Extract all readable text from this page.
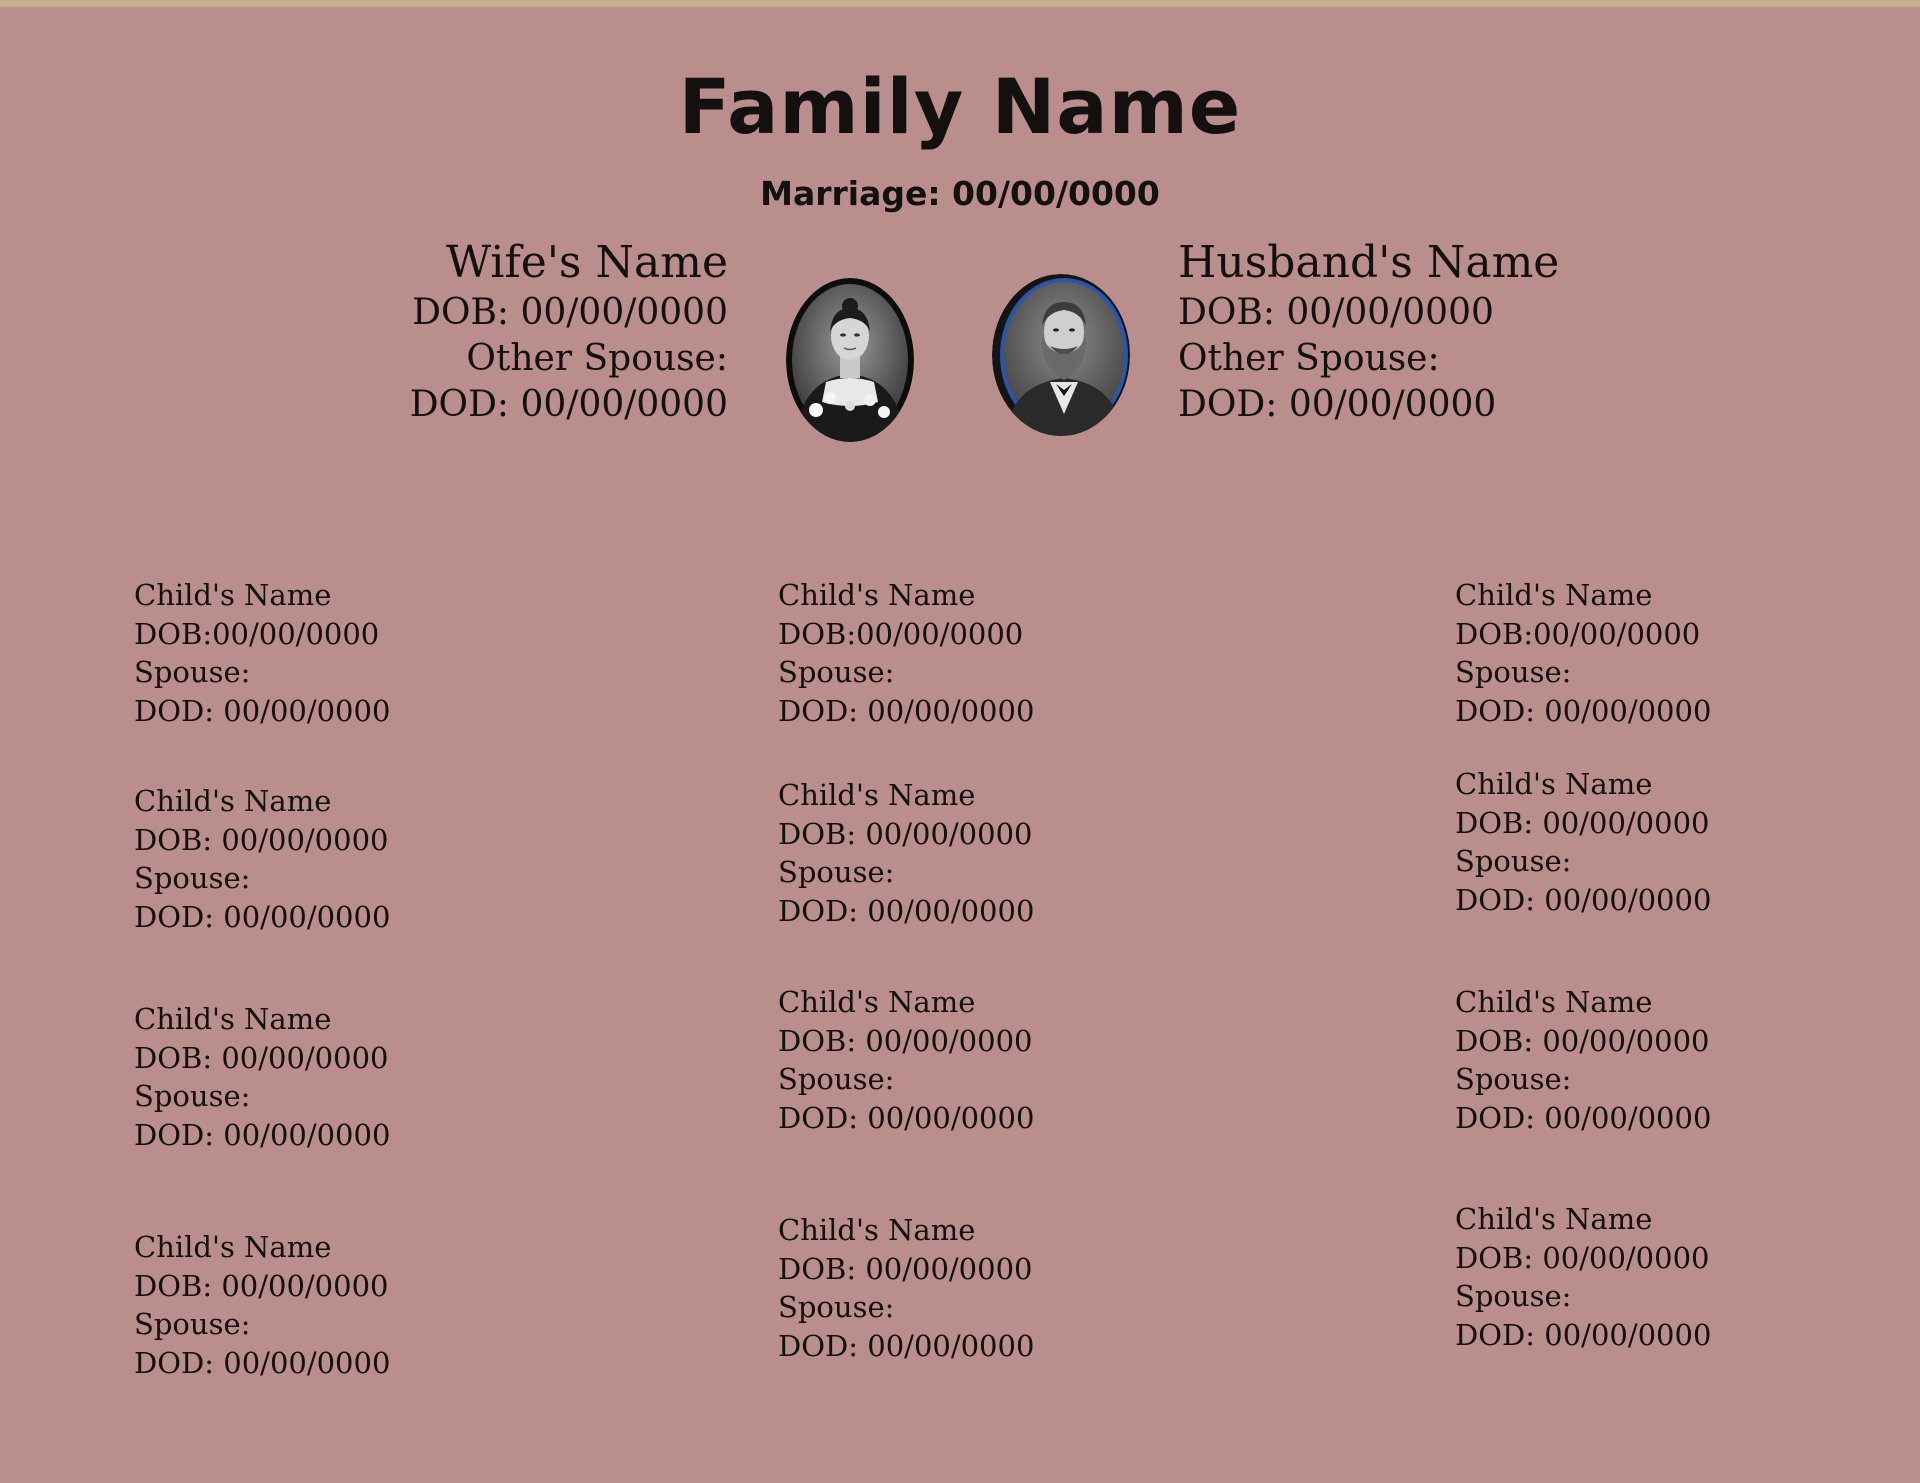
Family Name
Marriage: 00/00/0000
Wife's Name
DOB: 00/00/0000
Other Spouse:
DOD: 00/00/0000
Husband's Name
DOB: 00/00/0000
Other Spouse:
DOD: 00/00/0000
Child's Name
DOB:00/00/0000
Spouse:
DOD: 00/00/0000
Child's Name
DOB: 00/00/0000
Spouse:
DOD: 00/00/0000
Child's Name
DOB: 00/00/0000
Spouse:
DOD: 00/00/0000
Child's Name
DOB: 00/00/0000
Spouse:
DOD: 00/00/0000
Child's Name
DOB:00/00/0000
Spouse:
DOD: 00/00/0000
Child's Name
DOB: 00/00/0000
Spouse:
DOD: 00/00/0000
Child's Name
DOB: 00/00/0000
Spouse:
DOD: 00/00/0000
Child's Name
DOB: 00/00/0000
Spouse:
DOD: 00/00/0000
Child's Name
DOB:00/00/0000
Spouse:
DOD: 00/00/0000
Child's Name
DOB: 00/00/0000
Spouse:
DOD: 00/00/0000
Child's Name
DOB: 00/00/0000
Spouse:
DOD: 00/00/0000
Child's Name
DOB: 00/00/0000
Spouse:
DOD: 00/00/0000
